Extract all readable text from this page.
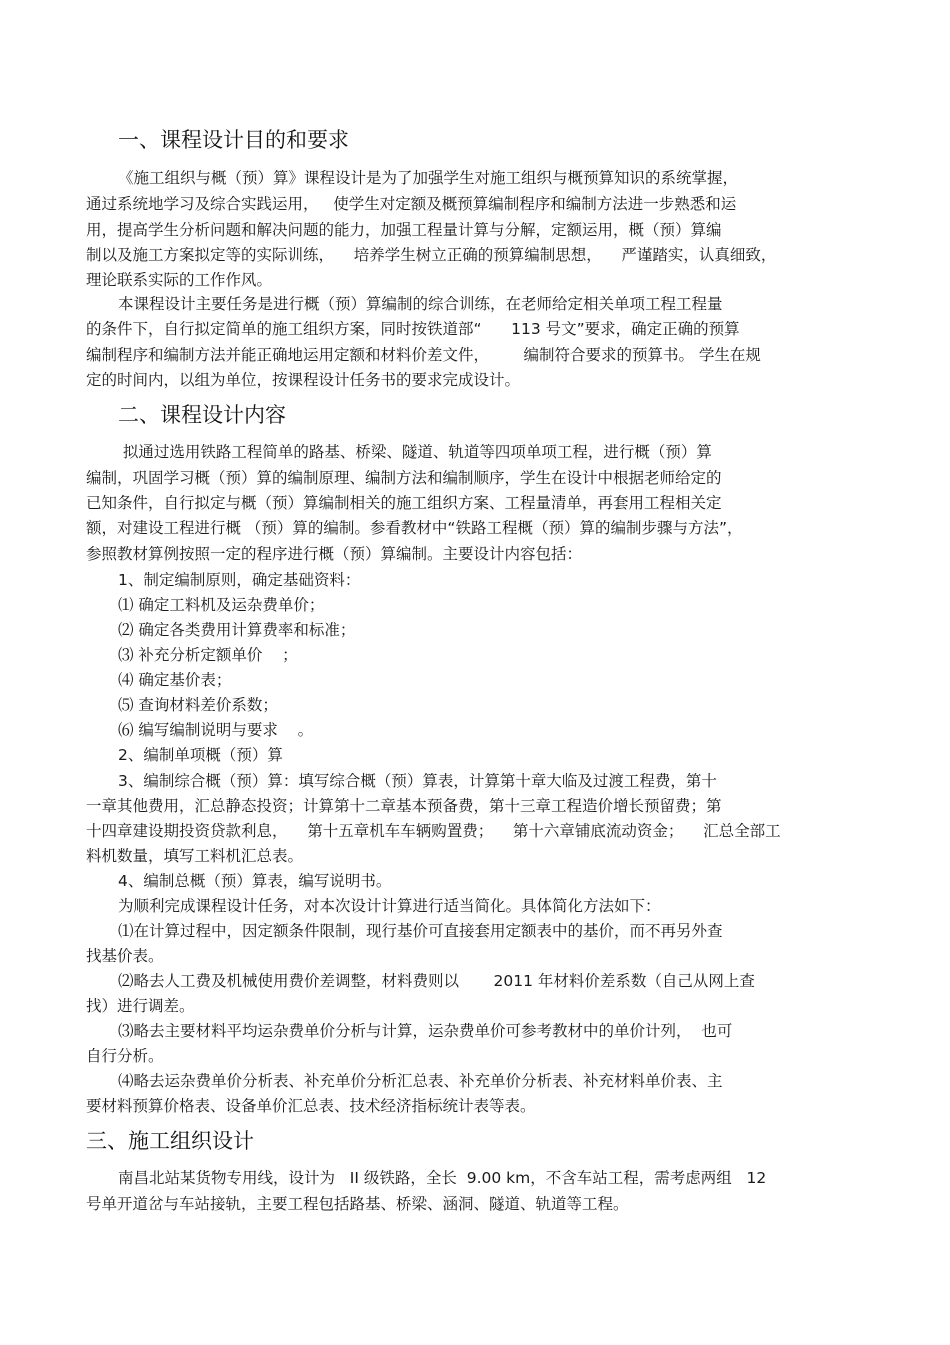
一、课程设计目的和要求
《施工组织与概（预）算》课程设计是为了加强学生对施工组织与概预算知识的系统掌握，
通过系统地学习及综合实践运用，   使学生对定额及概预算编制程序和编制方法进一步熟悉和运
用，提高学生分析问题和解决问题的能力，加强工程量计算与分解，定额运用，概（预）算编
制以及施工方案拟定等的实际训练，    培养学生树立正确的预算编制思想，    严谨踏实，认真细致，
理论联系实际的工作作风。
本课程设计主要任务是进行概（预）算编制的综合训练，在老师给定相关单项工程工程量
的条件下，自行拟定简单的施工组织方案，同时按铁道部“      113 号文”要求，确定正确的预算
编制程序和编制方法并能正确地运用定额和材料价差文件，       编制符合要求的预算书。 学生在规
定的时间内，以组为单位，按课程设计任务书的要求完成设计。
二、课程设计内容
拟通过选用铁路工程简单的路基、桥梁、隧道、轨道等四项单项工程，进行概（预）算
编制，巩固学习概（预）算的编制原理、编制方法和编制顺序，学生在设计中根据老师给定的
已知条件，自行拟定与概（预）算编制相关的施工组织方案、工程量清单，再套用工程相关定
额，对建设工程进行概 （预）算的编制。参看教材中“铁路工程概（预）算的编制步骤与方法”，
参照教材算例按照一定的程序进行概（预）算编制。主要设计内容包括：
1、制定编制原则，确定基础资料：
⑴ 确定工料机及运杂费单价；
⑵ 确定各类费用计算费率和标准；
⑶ 补充分析定额单价    ；
⑷ 确定基价表；
⑸ 查询材料差价系数；
⑹ 编写编制说明与要求    。
2、编制单项概（预）算
3、编制综合概（预）算：填写综合概（预）算表，计算第十章大临及过渡工程费，第十
一章其他费用，汇总静态投资；计算第十二章基本预备费，第十三章工程造价增长预留费；第
十四章建设期投资贷款利息，    第十五章机车车辆购置费；    第十六章铺底流动资金；    汇总全部工
料机数量，填写工料机汇总表。
4、编制总概（预）算表，编写说明书。
为顺利完成课程设计任务，对本次设计计算进行适当简化。具体简化方法如下：
⑴在计算过程中，因定额条件限制，现行基价可直接套用定额表中的基价，而不再另外查
找基价表。
⑵略去人工费及机械使用费价差调整，材料费则以       2011 年材料价差系数（自己从网上查
找）进行调差。
⑶略去主要材料平均运杂费单价分析与计算，运杂费单价可参考教材中的单价计列，  也可
自行分析。
⑷略去运杂费单价分析表、补充单价分析汇总表、补充单价分析表、补充材料单价表、主
要材料预算价格表、设备单价汇总表、技术经济指标统计表等表。
三、施工组织设计
南昌北站某货物专用线，设计为   II 级铁路，全长  9.00 km，不含车站工程，需考虑两组   12
号单开道岔与车站接轨，主要工程包括路基、桥梁、涵洞、隧道、轨道等工程。
